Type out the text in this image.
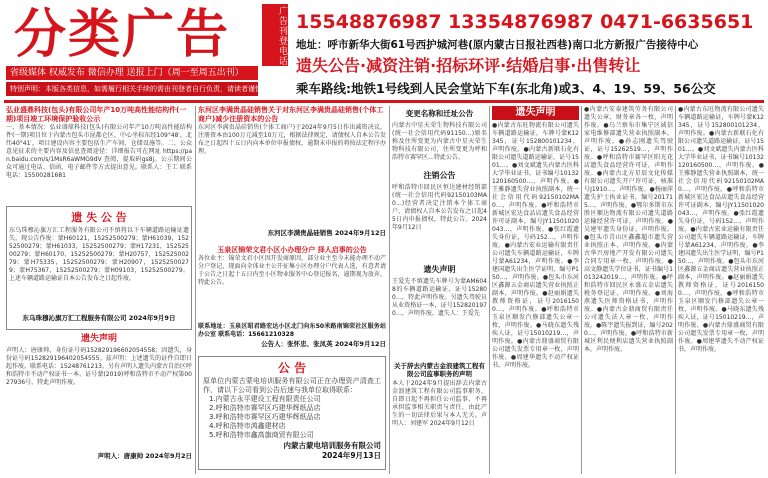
分类广告	广告刊登电话 15548876987 13354876987 0471-6635651
省级媒体 权威发布 微信办理 送报上门（周一至周五出刊）
地址：呼市新华大街61号西护城河巷(原内蒙古日报社西巷)南口北方新报广告接待中心
遗失公告·减资注销·招标环评·结婚启事·出售转让
特别声明：本版各类信息，如需履行相关手续的需由刊登者自行负责，请读者谨慎选择，本报不承担法律责任
乘车路线:地铁1号线到人民会堂站下车(东北角)或3、4、19、59、56公交

弘业盛鼎科技(包头)有限公司年产10万吨高性能结构件(一期)项目竣工环境保护验收公示

一、基本情况：弘业盛鼎科技(包头)有限公司年产10万吨高性能结构件(一期)项目位于内蒙古包头市昆都仑区，中心坐标东经109°48′，北纬40°41′，项目建设内容主要包括生产车间、仓储设施等。二、公众意见征求的主要内容及信息查阅途径：详细报告可在网址 https://pan.baidu.com/s/1MsR6aWMG9dV 查阅，提取码gs8j。公示期间公众可通过电话、信函、电子邮件等方式提出意见。联系人：王工 联系电话：15500281681

遗 失 公 告

东乌珠穆沁旗万汇工程服务有限公司不慎将以下车辆道路运输证遗失，现公告作废：蒙H60121，15252500279；蒙H61039，15252500279；蒙H61033，15252500279；蒙H17231，15252500279；蒙H60170，15252500279；蒙H20757，15252500279；蒙H75335，15252500279；蒙H20907，15252500279；蒙H75367，15252500279；蒙H09103，15252500279。上述车辆道路运输证自本公告发布之日起作废。

东乌珠穆沁旗万汇工程服务有限公司 2024年9月9日

遗失声明

声明人：唐康帅，身份证号码152829196602054558；因遗失，身份证号码152829196402054555。兹声明：上述遗失的证件自即日起作废。联系电话：15248761213。另有声明人遗失内蒙古自治区呼和浩特市不动产权证书一本，证号蒙(2019)呼和浩特市不动产权第0027936号，特此声明作废。

声明人：唐康帅 2024年9月2日

东河区李满贵晶硅销售关于对东河区李满贵晶硅销售(个体工商户)减少注册资本的公告

东河区李满贵晶硅销售(个体工商户)于2024年9月5日作出减资决议，注册资本由100万元减至10万元，根据法律规定，请债权人自本公告发布之日起四十五日内向本单位申报债权，逾期未申报的将按法定程序办理。

东河区李满贵晶硅销售 2024年9月12日

玉泉区锦荣文君小区小办理分户 择人启事的公告

各位业主：锦荣文君小区因开发商原因，部分业主至今未能办理不动产分户登记，现面向全体业主公开征集小区办理分户代表人选，有意者请于公告之日起十五日内至小区物业服务中心登记报名，逾期视为放弃，特此公告。

联系地址：玉泉区昭君路宏达小区北门向东50米路南锦荣社区服务站办公室 联系电话：15661210328

公告人：张怀忠、张凤英 2024年9月12日

公 告

原单位内蒙古蒙电培训服务有限公司正在办理资产清查工作，请以下公司看到公告后速与我单位取得联系：

1.内蒙古永平建设工程有限责任公司

2.呼和浩特市赛罕区巧建华辉纸品店

3.呼和浩特市赛罕区巧建华辉纸品店

4.呼和浩特市鸿鑫建材店

5.呼和浩特市鑫高旗商贸有限公司

内蒙古蒙电培训服务有限公司

2024年9月13日

变更名称和迁址公告

内蒙古中星天荣生物科技有限公司(统一社会信用代码91150…)原名称及住所变更为内蒙古中星天荣生物科技有限公司，住所变更为呼和浩特市赛罕区…特此公告。

注销公告

呼和浩特市回民区恒达建材经销部(统一社会信用代码92150103MA0…)经营者决定注销本个体工商户，请债权人自本公告发布之日起45日内申报债权，特此公告。2024年9月12日

遗失声明

王爱先不慎遗失车牌号为蒙AM6048的车辆道路运输证，证号152800…，特此声明作废。另遗失驾驶员从业资格证一本，证号1528201970…，声明作废。遗失人：王爱先

关于辞去内蒙古金浪建筑工程有限公司监事职务的声明

本人于2024年9月提出辞去内蒙古金浪建筑工程有限公司监事职务，自即日起不再担任公司监事，不再承担监事相关职责与责任，由此产生的一切法律后果与本人无关。声明人：刘建军 2024年9月12日

遗失声明

●内蒙古东旺物流有限公司遗失车辆道路运输证，车牌号蒙K12345，证号152800101234，声明作废。●内蒙古新联石化有限公司遗失道路运输证，证号1501…。●刘文斌遗失内蒙古医科大学毕业证书，证书编号10132120160500…，声明作废。●王雅静遗失营业执照副本，统一社会信用代码92150102MA0…，声明作废。●呼和浩特市新城区宏达食品店遗失食品经营许可证副本，编号JY11501020043…，声明作废。●张红霞遗失身份证，号码152…，声明作废。●内蒙古宏业运输有限责任公司遗失车辆道路运输证，车牌号蒙A61234，声明作废。●李建国遗失出生医学证明，编号P150…，声明作废。●包头市东河区鑫源五金商店遗失营业执照正副本，声明作废。●赵丽娟遗失教师资格证，证号20161500…，声明作废。●呼和浩特市玉泉区顺发汽修部遗失公章一枚，声明作废。●马晓东遗失残疾人证，证号15010219…，声明作废。●内蒙古鼎盛商贸有限公司遗失发票专用章一枚，声明作废。●周建华遗失不动产权证书，声明作废。

●内蒙古安泰建筑劳务有限公司遗失公章、财务章各一枚，声明作废。●乌兰察布市集宁区诚信家电维修部遗失营业执照副本，声明作废。●孙志刚遗失驾驶证，证号15262519…，声明作废。●呼和浩特市赛罕区阳光花店遗失食品经营许可证，声明作废。●内蒙古北方星辰文化传媒有限公司遗失开户许可证，核准号J1910…，声明作废。●杨丽萍遗失护士执业证书，编号201715…，声明作废。●鄂尔多斯市东胜区顺达物流有限公司遗失道路运输经营许可证，声明作废。●吴建军遗失身份证，声明作废。●包头市青山区鑫鑫超市遗失营业执照正本，声明作废。●内蒙古华兴房地产开发有限公司遗失合同专用章一枚，声明作废。●高文静遗失学位证书，证书编号1013242019…，声明作废。●呼和浩特市回民区永盛五金店遗失税务登记证，声明作废。●刘海燕遗失医师资格证书，声明作废。●内蒙古金鼎商贸有限责任公司遗失法人章一枚，声明作废。●陈宇遗失报到证，编号2020…，声明作废。●呼和浩特市新城区利民便利店遗失营业执照副本，声明作废。

●内蒙古东旺物流有限公司遗失车辆道路运输证，车牌号蒙K12345，证号152800101234，声明作废。●内蒙古新联石化有限公司遗失道路运输证，证号1501…。●刘文斌遗失内蒙古医科大学毕业证书，证书编号10132120160500…，声明作废。●王雅静遗失营业执照副本，统一社会信用代码92150102MA0…，声明作废。●呼和浩特市新城区宏达食品店遗失食品经营许可证副本，编号JY11501020043…，声明作废。●张红霞遗失身份证，号码152…，声明作废。●内蒙古宏业运输有限责任公司遗失车辆道路运输证，车牌号蒙A61234，声明作废。●李建国遗失出生医学证明，编号P150…，声明作废。●包头市东河区鑫源五金商店遗失营业执照正副本，声明作废。●赵丽娟遗失教师资格证，证号20161500…，声明作废。●呼和浩特市玉泉区顺发汽修部遗失公章一枚，声明作废。●马晓东遗失残疾人证，证号15010219…，声明作废。●内蒙古鼎盛商贸有限公司遗失发票专用章一枚，声明作废。●周建华遗失不动产权证书，声明作废。
